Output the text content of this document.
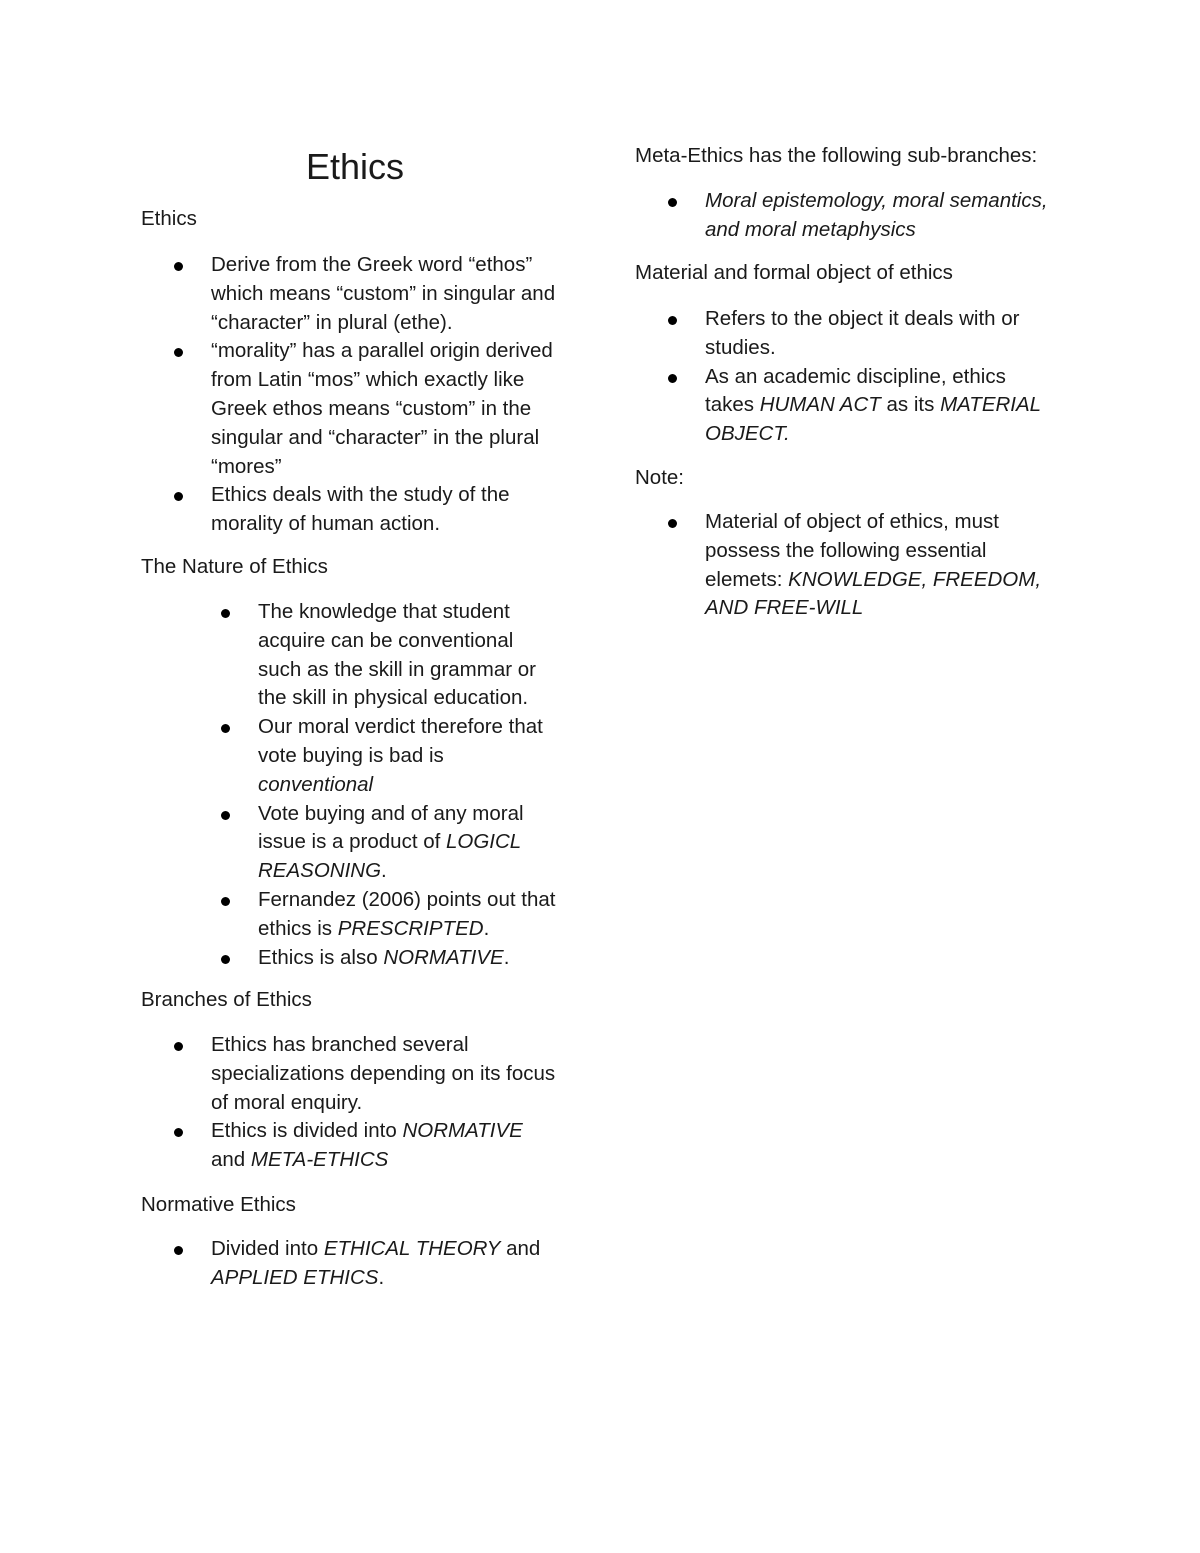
Ethics

Ethics

Derive from the Greek word “ethos” which means “custom” in singular and “character” in plural (ethe).
“morality” has a parallel origin derived from Latin “mos” which exactly like Greek ethos means “custom” in the singular and “character” in the plural “mores”
Ethics deals with the study of the morality of human action.

The Nature of Ethics

The knowledge that student acquire can be conventional such as the skill in grammar or the skill in physical education.
Our moral verdict therefore that vote buying is bad is conventional
Vote buying and of any moral issue is a product of LOGICL REASONING.
Fernandez (2006) points out that ethics is PRESCRIPTED.
Ethics is also NORMATIVE.

Branches of Ethics

Ethics has branched several specializations depending on its focus of moral enquiry.
Ethics is divided into NORMATIVE and META-ETHICS

Normative Ethics

Divided into ETHICAL THEORY and APPLIED ETHICS.

Meta-Ethics has the following sub-branches:

Moral epistemology, moral semantics, and moral metaphysics

Material and formal object of ethics

Refers to the object it deals with or studies.
As an academic discipline, ethics takes HUMAN ACT as its MATERIAL OBJECT.

Note:

Material of object of ethics, must possess the following essential elemets: KNOWLEDGE, FREEDOM, AND FREE-WILL
